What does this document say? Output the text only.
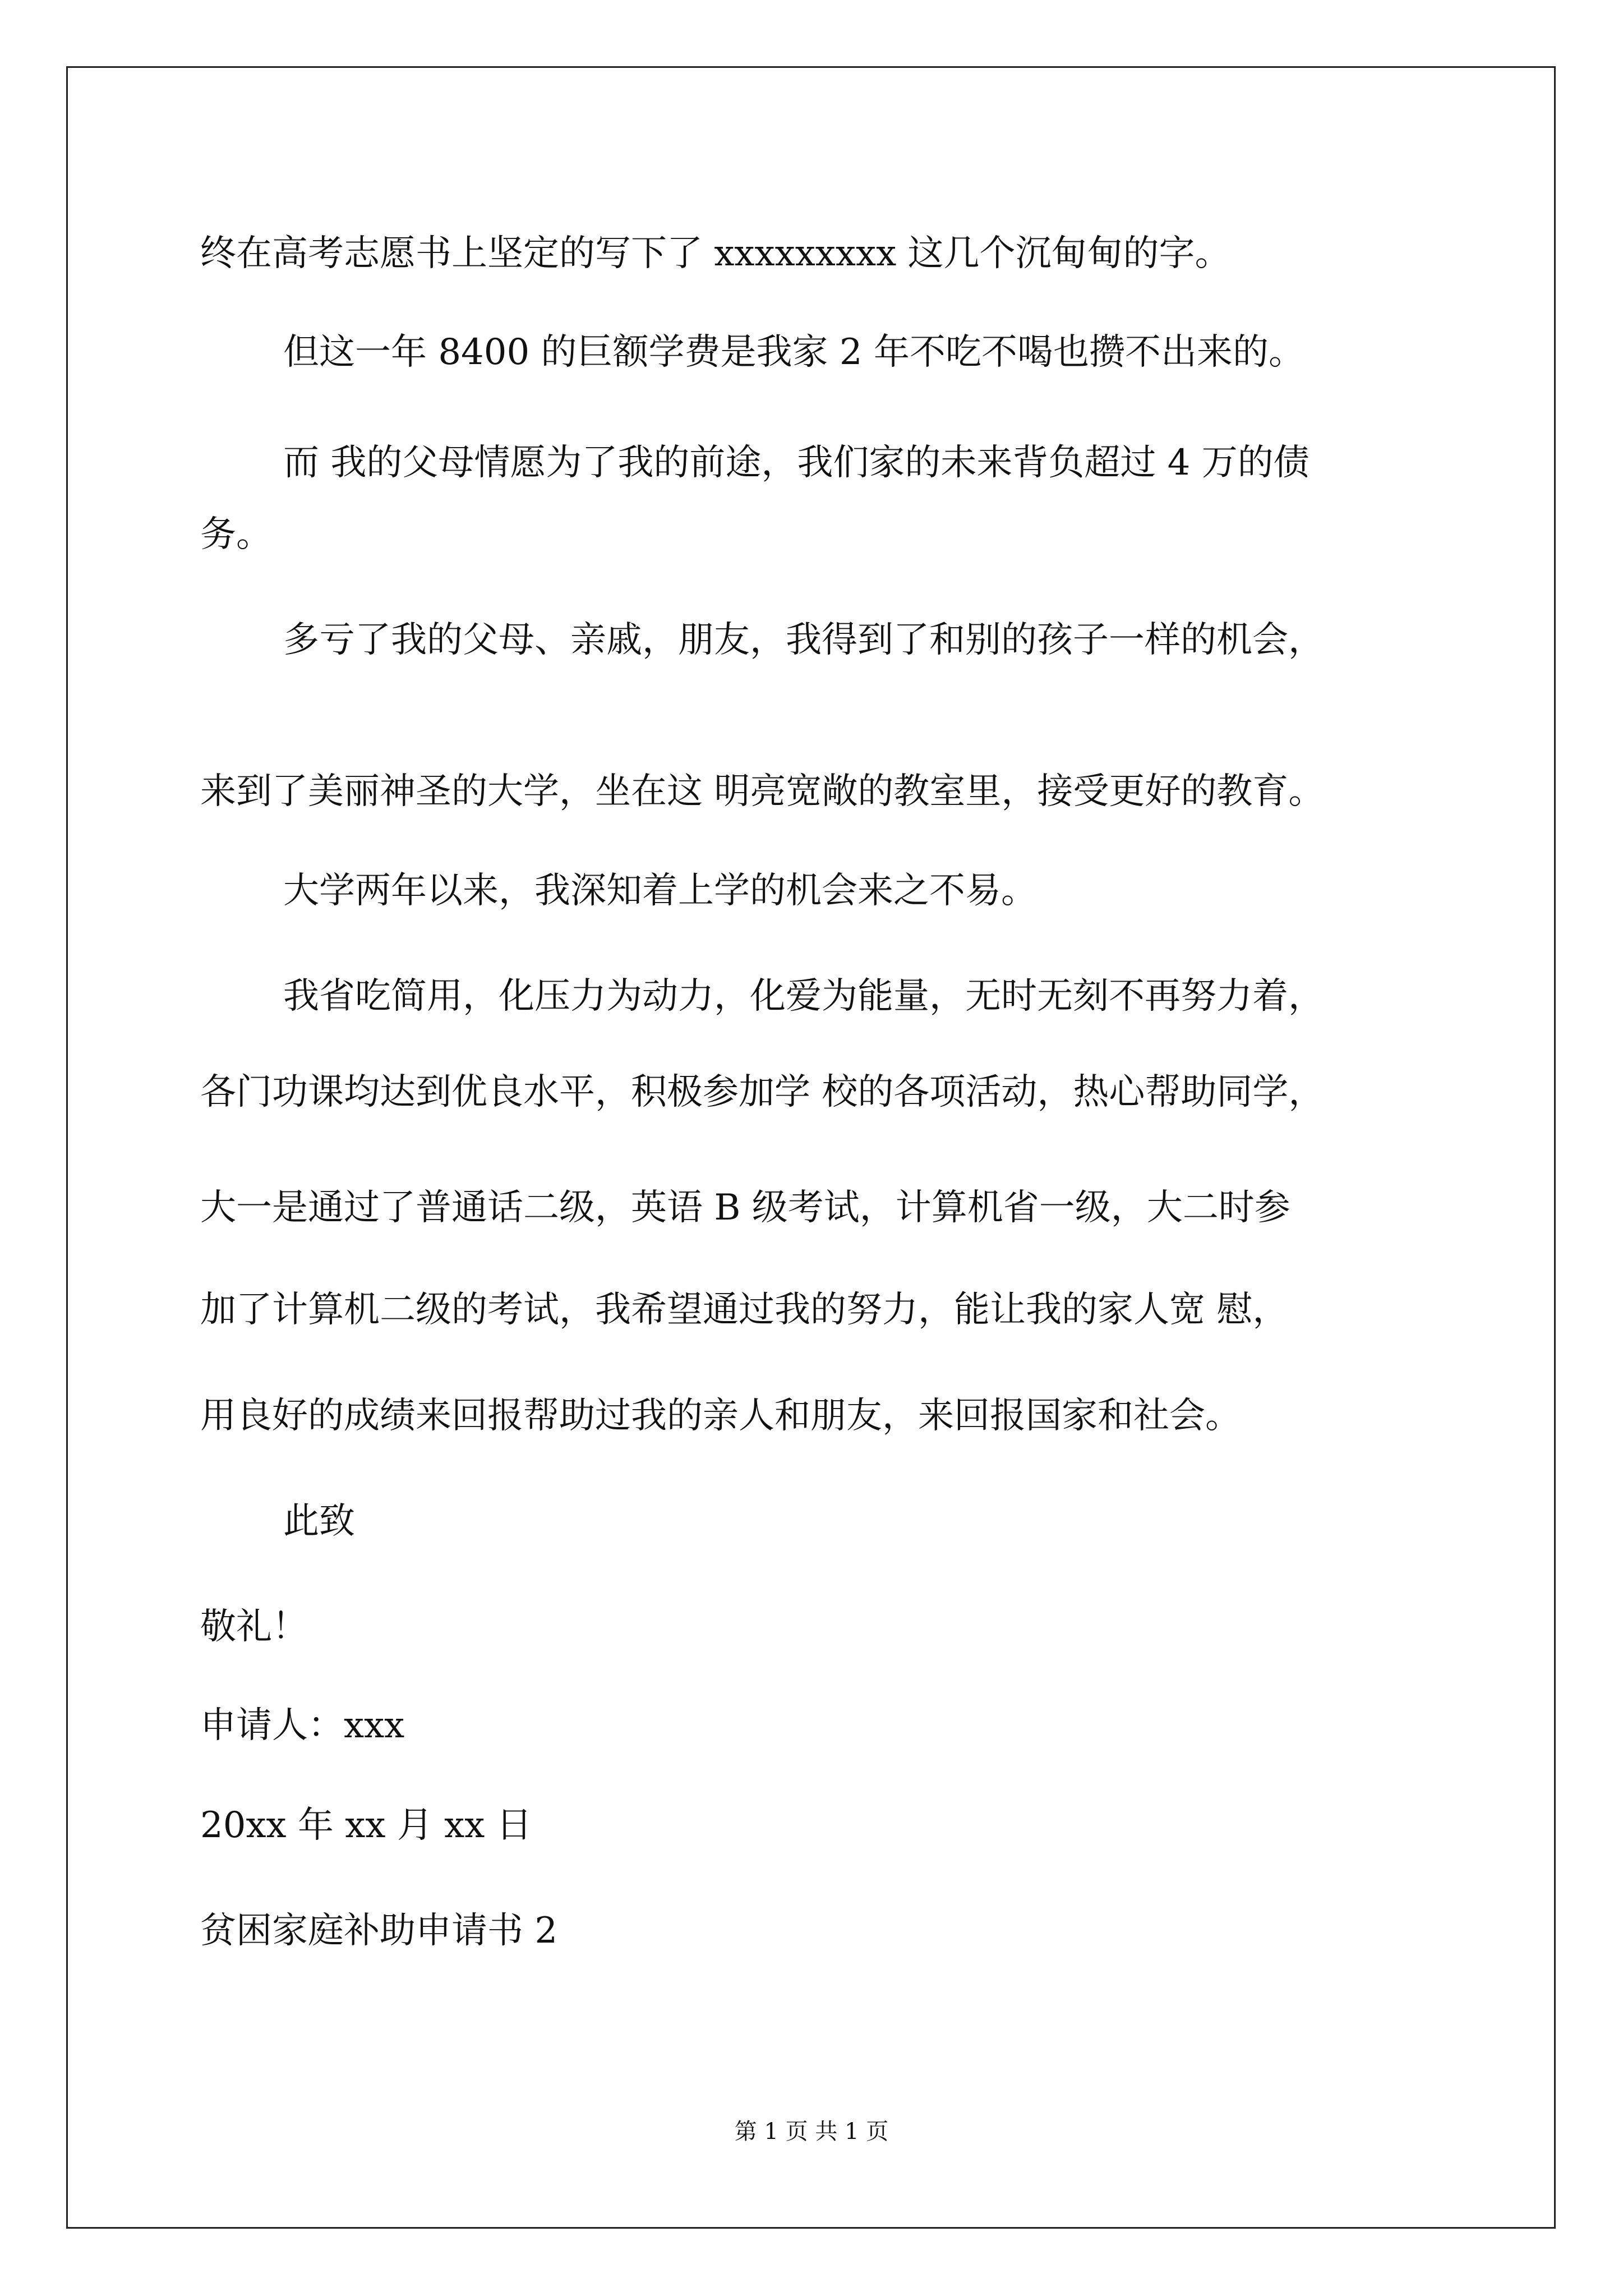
终在高考志愿书上坚定的写下了 xxxxxxxxx 这几个沉甸甸的字。

但这一年 8400 的巨额学费是我家 2 年不吃不喝也攒不出来的。

而 我的父母情愿为了我的前途，我们家的未来背负超过 4 万的债

务。

多亏了我的父母、亲戚，朋友，我得到了和别的孩子一样的机会，

来到了美丽神圣的大学，坐在这 明亮宽敞的教室里，接受更好的教育。

大学两年以来，我深知着上学的机会来之不易。

我省吃简用，化压力为动力，化爱为能量，无时无刻不再努力着，

各门功课均达到优良水平，积极参加学 校的各项活动，热心帮助同学，

大一是通过了普通话二级，英语 B 级考试，计算机省一级，大二时参

加了计算机二级的考试，我希望通过我的努力，能让我的家人宽 慰，

用良好的成绩来回报帮助过我的亲人和朋友，来回报国家和社会。

此致

敬礼！

申请人：xxx

20xx 年 xx 月 xx 日

贫困家庭补助申请书 2

第 1 页 共 1 页
